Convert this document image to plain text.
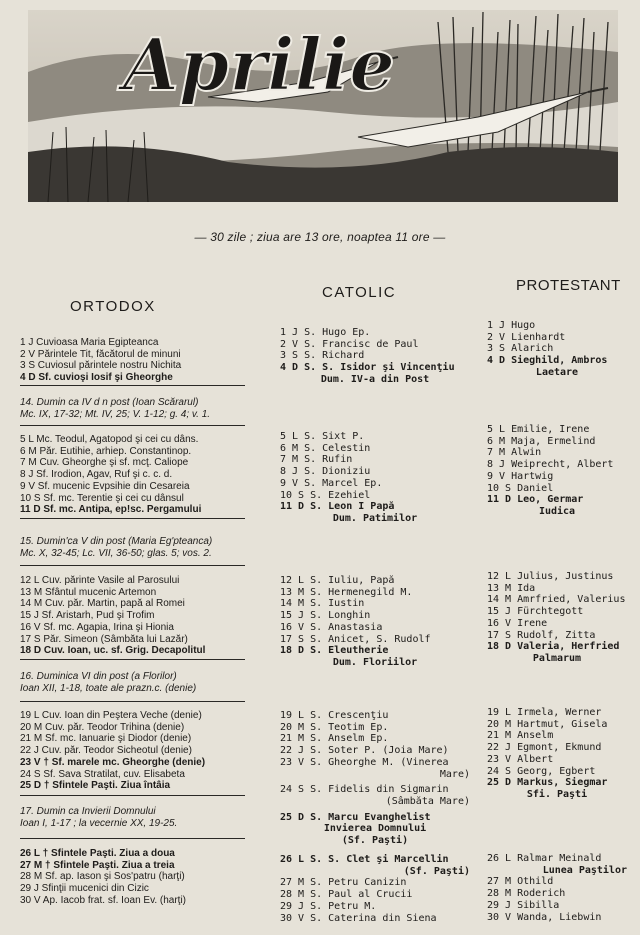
Aprilie
— 30 zile ; ziua are 13 ore, noaptea 11 ore —
ORTODOX
CATOLIC	PROTESTANT
1 J Cuvioasa Maria Egipteanca
2 V Părintele Tit, făcătorul de minuni
3 S Cuviosul părintele nostru Nichita
4 D Sf. cuvioşi Iosif şi Gheorghe
14. Dumin ca IV d n post (Ioan Scărarul)
Mc. IX, 17-32; Mt. IV, 25; V. 1-12; g. 4; v. 1.
5 L Mc. Teodul, Agatopod şi cei cu dâns.
6 M Păr. Eutihie, arhiep. Constantinop.
7 M Cuv. Gheorghe şi sf. mcţ. Caliope
8 J Sf. Irodion, Agav, Ruf şi c. c. d.
9 V Sf. mucenic Evpsihie din Cesareia
10 S Sf. mc. Terentie şi cei cu dânsul
11 D Sf. mc. Antipa, ep!sc. Pergamului
15. Dumin'ca V din post (Maria Eg'pteanca)
Mc. X, 32-45; Lc. VII, 36-50; glas. 5; vos. 2.
12 L Cuv. părinte Vasile al Parosului
13 M Sfântul mucenic Artemon
14 M Cuv. păr. Martin, papă al Romei
15 J Sf. Aristarh, Pud şi Trofim
16 V Sf. mc. Agapia, Irina şi Hionia
17 S Păr. Simeon (Sâmbăta lui Lazăr)
18 D Cuv. Ioan, uc. sf. Grig. Decapolitul
16. Duminica VI din post (a Florilor)
Ioan XII, 1-18, toate ale prazn.c. (denie)
19 L Cuv. Ioan din Peştera Veche (denie)
20 M Cuv. păr. Teodor Trihina (denie)
21 M Sf. mc. Ianuarie şi Diodor (denie)
22 J Cuv. păr. Teodor Sicheotul (denie)
23 V † Sf. marele mc. Gheorghe (denie)
24 S Sf. Sava Stratilat, cuv. Elisabeta
25 D † Sfintele Paşti. Ziua întâia
17. Dumin ca Invierii Domnului
Ioan I, 1-17 ; la vecernie XX, 19-25.
26 L † Sfintele Paşti. Ziua a doua
27 M † Sfintele Paşti. Ziua a treia
28 M Sf. ap. Iason şi Sos'patru (harţi)
29 J Sfinţii mucenici din Cizic
30 V Ap. Iacob frat. sf. Ioan Ev. (harţi)
1 J S. Hugo Ep.
2 V S. Francisc de Paul
3 S S. Richard
4 D S. S. Isidor şi Vincenţiu
Dum. IV-a din Post
5 L S. Sixt P.
6 M S. Celestin
7 M S. Rufin
8 J S. Dioniziu
9 V S. Marcel Ep.
10 S S. Ezehiel
11 D S. Leon I Papă
Dum. Patimilor
12 L S. Iuliu, Papă
13 M S. Hermenegild M.
14 M S. Iustin
15 J S. Longhin
16 V S. Anastasia
17 S S. Anicet, S. Rudolf
18 D S. Eleutherie
Dum. Floriilor
19 L S. Crescenţiu
20 M S. Teotim Ep.
21 M S. Anselm Ep.
22 J S. Soter P. (Joia Mare)
23 V S. Gheorghe M. (Vinerea
Mare)
24 S S. Fidelis din Sigmarin
(Sâmbăta Mare)
25 D S. Marcu Evanghelist
Invierea Domnului
(Sf. Paşti)
26 L S. S. Clet şi Marcellin
(Sf. Paşti)
27 M S. Petru Canizin
28 M S. Paul al Crucii
29 J S. Petru M.
30 V S. Caterina din Siena
1 J Hugo
2 V Lienhardt
3 S Alarich
4 D Sieghild, Ambros
Laetare
5 L Emilie, Irene
6 M Maja, Ermelind
7 M Alwin
8 J Weiprecht, Albert
9 V Hartwig
10 S Daniel
11 D Leo, Germar
Iudica
12 L Julius, Justinus
13 M Ida
14 M Amrfried, Valerius
15 J Fürchtegott
16 V Irene
17 S Rudolf, Zitta
18 D Valeria, Herfried
Palmarum
19 L Irmela, Werner
20 M Hartmut, Gisela
21 M Anselm
22 J Egmont, Ekmund
23 V Albert
24 S Georg, Egbert
25 D Markus, Siegmar
Sfi. Paşti
26 L Ralmar Meinald
Lunea Paştilor
27 M Othild
28 M Roderich
29 J Sibilla
30 V Wanda, Liebwin
